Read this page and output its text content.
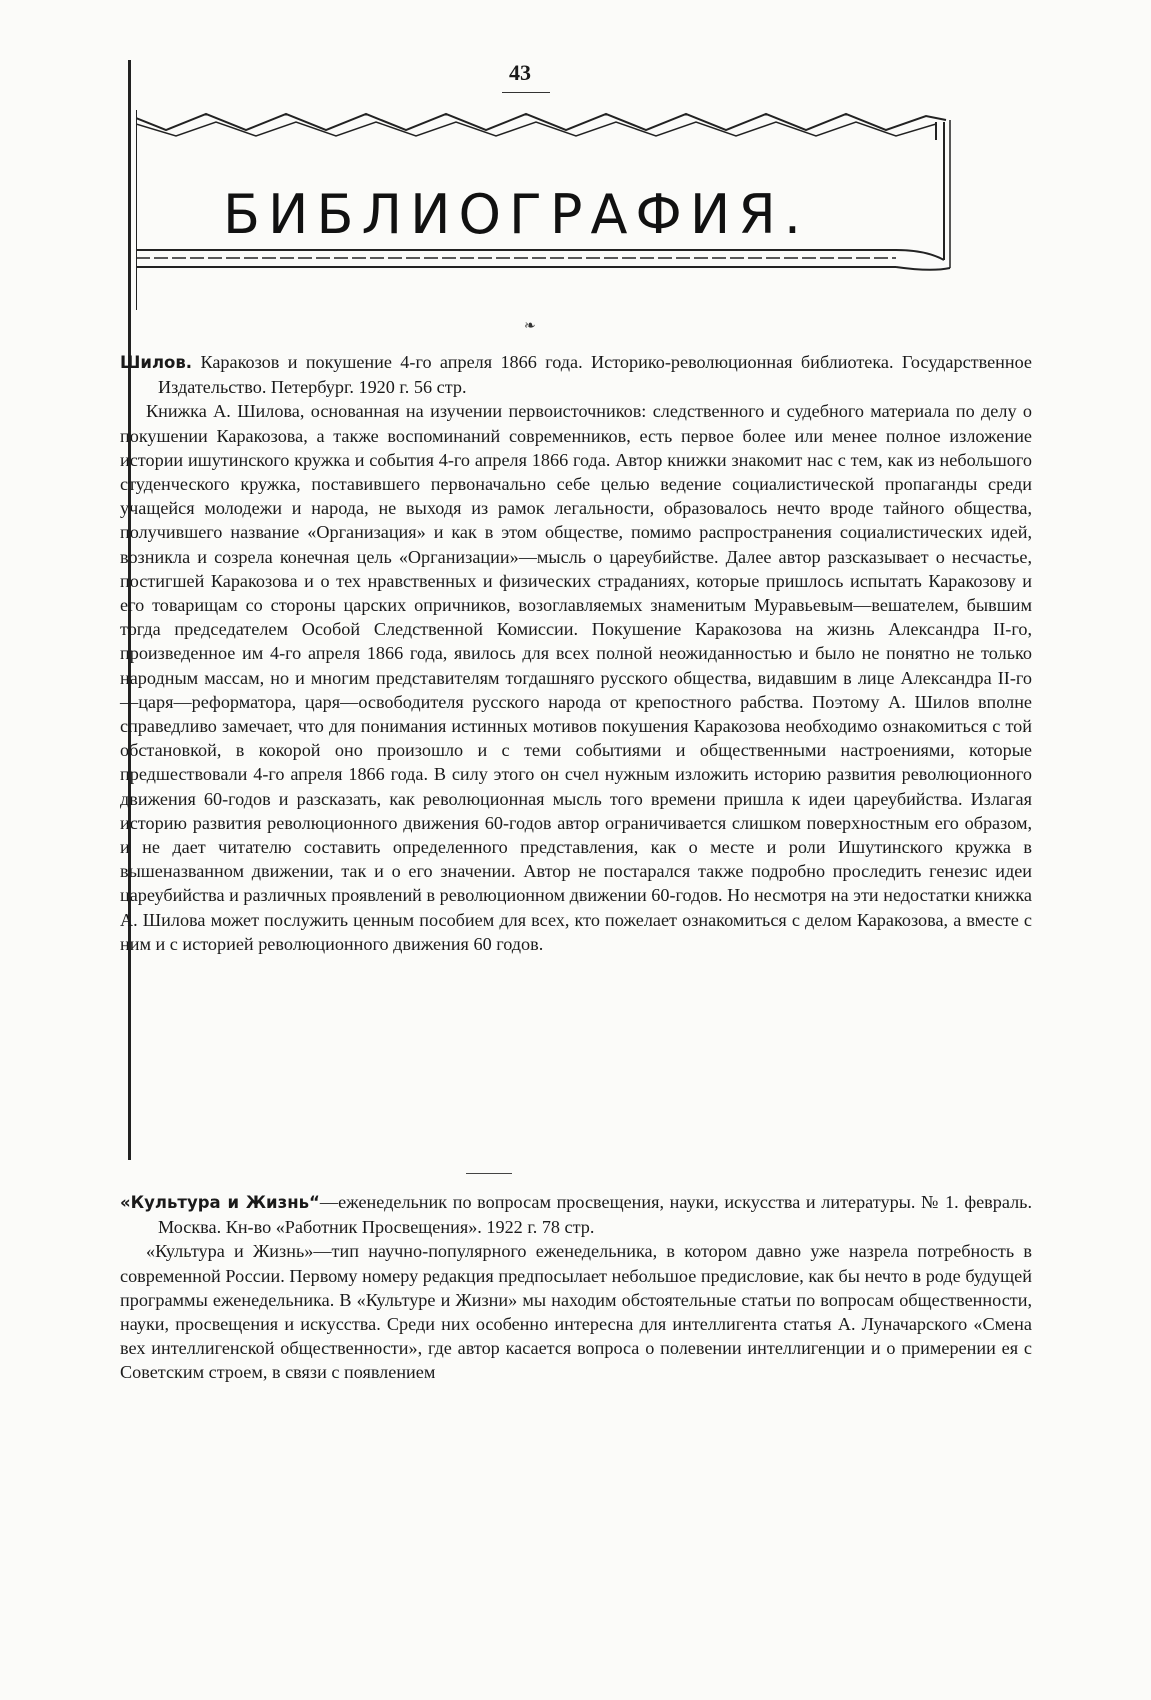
43
БИБЛИОГРАФИЯ.
❧

Шилов. Каракозов и покушение 4-го апреля 1866 года. Историко-революционная библиотека. Государственное Издательство. Петербург. 1920 г. 56 стр.

Книжка А. Шилова, основанная на изучении первоисточников: следственного и судебного материала по делу о покушении Каракозова, а также воспоминаний современников, есть первое более или менее полное изложение истории ишутинского кружка и события 4-го апреля 1866 года. Автор книжки знакомит нас с тем, как из небольшого студенческого кружка, поставившего первоначально себе целью ведение социалистической пропаганды среди учащейся молодежи и народа, не выходя из рамок легальности, образовалось нечто вроде тайного общества, получившего название «Организация» и как в этом обществе, помимо распространения социалистических идей, возникла и созрела конечная цель «Организации»—мысль о цареубийстве. Далее автор разсказывает о несчастье, постигшей Каракозова и о тех нравственных и физических страданиях, которые пришлось испытать Каракозову и его товарищам со стороны царских опричников, возоглавляемых знаменитым Муравьевым—вешателем, бывшим тогда председателем Особой Следственной Комиссии. Покушение Каракозова на жизнь Александра II-го, произведенное им 4-го апреля 1866 года, явилось для всех полной неожиданностью и было не понятно не только народным массам, но и многим представителям тогдашняго русского общества, видавшим в лице Александра II-го —царя—реформатора, царя—освободителя русского народа от крепостного рабства. Поэтому А. Шилов вполне справедливо замечает, что для понимания истинных мотивов покушения Каракозова необходимо ознакомиться с той обстановкой, в кокорой оно произошло и с теми событиями и общественными настроениями, которые предшествовали 4-го апреля 1866 года. В силу этого он счел нужным изложить историю развития революционного движения 60-годов и разсказать, как революционная мысль того времени пришла к идеи цареубийства. Излагая историю развития революционного движения 60-годов автор ограничивается слишком поверхностным его образом, и не дает читателю составить определенного представления, как о месте и роли Ишутинского кружка в вышеназванном движении, так и о его значении. Автор не постарался также подробно проследить генезис идеи цареубийства и различных проявлений в революционном движении 60-годов. Но несмотря на эти недостатки книжка А. Шилова может послужить ценным пособием для всех, кто пожелает ознакомиться с делом Каракозова, а вместе с ним и с историей революционного движения 60 годов.

«Культура и Жизнь“—еженедельник по вопросам просвещения, науки, искусства и литературы. № 1. февраль. Москва. Кн-во «Работник Просвещения». 1922 г. 78 стр.

«Культура и Жизнь»—тип научно-популярного еженедельника, в котором давно уже назрела потребность в современной России. Первому номеру редакция предпосылает небольшое предисловие, как бы нечто в роде будущей программы еженедельника. В «Культуре и Жизни» мы находим обстоятельные статьи по вопросам общественности, науки, просвещения и искусства. Среди них особенно интересна для интеллигента статья А. Луначарского «Смена вех интеллигенской общественности», где автор касается вопроса о полевении интеллигенции и о примерении ея с Советским строем, в связи с появлением
